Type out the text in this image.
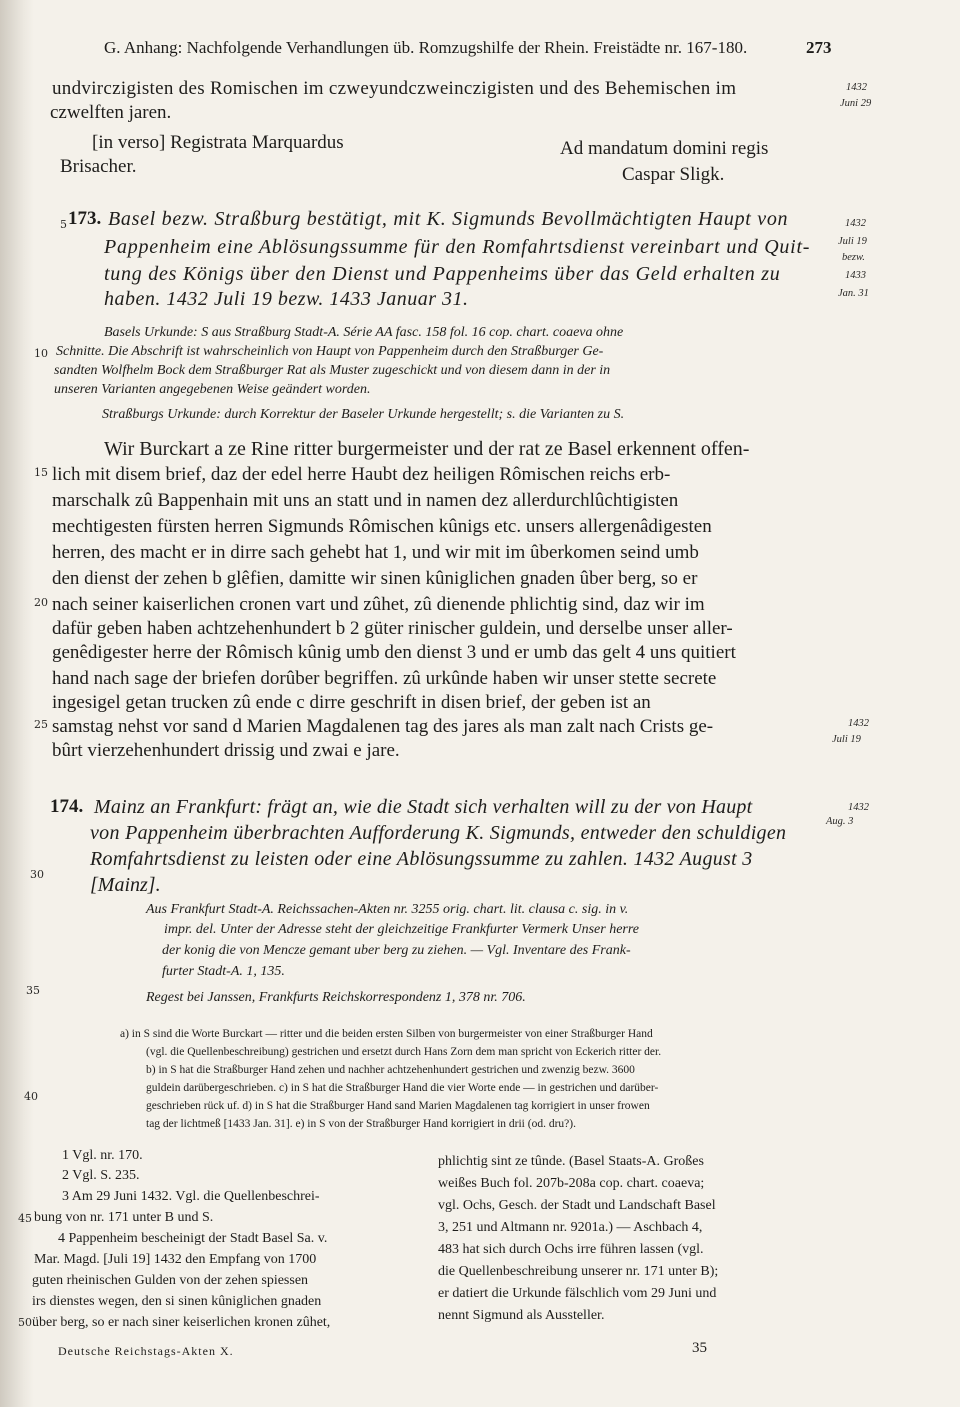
G. Anhang: Nachfolgende Verhandlungen üb. Romzugshilfe der Rhein. Freistädte nr. 167-180.	273
undvirczigisten des Romischen im czweyundczweinczigisten und des Behemischen im
czwelften jaren.
[in verso] Registrata Marquardus
Brisacher.
Ad mandatum domini regis
Caspar Sligk.
1432
Juni 29
5 173. Basel bezw. Straßburg bestätigt, mit K. Sigmunds Bevollmächtigten Haupt von
Pappenheim eine Ablösungssumme für den Romfahrtsdienst vereinbart und Quit-
tung des Königs über den Dienst und Pappenheims über das Geld erhalten zu
haben. 1432 Juli 19 bezw. 1433 Januar 31.
1432
Juli 19
bezw.
1433
Jan. 31
Basels Urkunde: S aus Straßburg Stadt-A. Série AA fasc. 158 fol. 16 cop. chart. coaeva ohne
Schnitte. Die Abschrift ist wahrscheinlich von Haupt von Pappenheim durch den Straßburger Ge-
sandten Wolfhelm Bock dem Straßburger Rat als Muster zugeschickt und von diesem dann in der in
unseren Varianten angegebenen Weise geändert worden.
Straßburgs Urkunde: durch Korrektur der Baseler Urkunde hergestellt; s. die Varianten zu S.
10
Wir Burckart a ze Rine ritter burgermeister und der rat ze Basel erkennent offen-
lich mit disem brief, daz der edel herre Haubt dez heiligen Rômischen reichs erb-
marschalk zû Bappenhain mit uns an statt und in namen dez allerdurchlûchtigisten
mechtigesten fürsten herren Sigmunds Rômischen kûnigs etc. unsers allergenâdigesten
herren, des macht er in dirre sach gehebt hat 1, und wir mit im ûberkomen seind umb
den dienst der zehen b glêfien, damitte wir sinen kûniglichen gnaden ûber berg, so er
nach seiner kaiserlichen cronen vart und zûhet, zû dienende phlichtig sind, daz wir im
dafür geben haben achtzehenhundert b 2 güter rinischer guldein, und derselbe unser aller-
genêdigester herre der Rômisch kûnig umb den dienst 3 und er umb das gelt 4 uns quitiert
hand nach sage der briefen dorûber begriffen. zû urkûnde haben wir unser stette secrete
ingesigel getan trucken zû ende c dirre geschrift in disen brief, der geben ist an
samstag nehst vor sand d Marien Magdalenen tag des jares als man zalt nach Crists ge-
bûrt vierzehenhundert drissig und zwai e jare.
15
20
25	1432
Juli 19
174. Mainz an Frankfurt: frägt an, wie die Stadt sich verhalten will zu der von Haupt
von Pappenheim überbrachten Aufforderung K. Sigmunds, entweder den schuldigen
Romfahrtsdienst zu leisten oder eine Ablösungssumme zu zahlen. 1432 August 3
[Mainz].
30
1432
Aug. 3
Aus Frankfurt Stadt-A. Reichssachen-Akten nr. 3255 orig. chart. lit. clausa c. sig. in v.
impr. del. Unter der Adresse steht der gleichzeitige Frankfurter Vermerk Unser herre
der konig die von Mencze gemant uber berg zu ziehen. — Vgl. Inventare des Frank-
furter Stadt-A. 1, 135.
Regest bei Janssen, Frankfurts Reichskorrespondenz 1, 378 nr. 706.
35
a) in S sind die Worte Burckart — ritter und die beiden ersten Silben von burgermeister von einer Straßburger Hand
(vgl. die Quellenbeschreibung) gestrichen und ersetzt durch Hans Zorn dem man spricht von Eckerich ritter der.
b) in S hat die Straßburger Hand zehen und nachher achtzehenhundert gestrichen und zwenzig bezw. 3600
guldein darübergeschrieben. c) in S hat die Straßburger Hand die vier Worte ende — in gestrichen und darüber-
geschrieben rück uf. d) in S hat die Straßburger Hand sand Marien Magdalenen tag korrigiert in unser frowen
tag der lichtmeß [1433 Jan. 31]. e) in S von der Straßburger Hand korrigiert in drii (od. dru?).
40
1 Vgl. nr. 170.
2 Vgl. S. 235.
3 Am 29 Juni 1432. Vgl. die Quellenbeschrei-
bung von nr. 171 unter B und S.
4 Pappenheim bescheinigt der Stadt Basel Sa. v.
Mar. Magd. [Juli 19] 1432 den Empfang von 1700
guten rheinischen Gulden von der zehen spiessen
irs dienstes wegen, den si sinen kûniglichen gnaden
über berg, so er nach siner keiserlichen kronen zûhet,
45
50
phlichtig sint ze tûnde. (Basel Staats-A. Großes
weißes Buch fol. 207b-208a cop. chart. coaeva;
vgl. Ochs, Gesch. der Stadt und Landschaft Basel
3, 251 und Altmann nr. 9201a.) — Aschbach 4,
483 hat sich durch Ochs irre führen lassen (vgl.
die Quellenbeschreibung unserer nr. 171 unter B);
er datiert die Urkunde fälschlich vom 29 Juni und
nennt Sigmund als Aussteller.
Deutsche Reichstags-Akten X.	35
